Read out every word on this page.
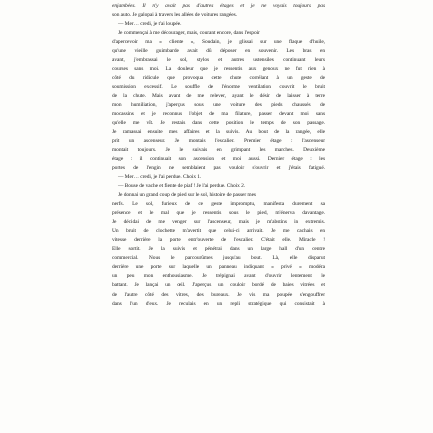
enjambées. Il n'y avait pas d'autres étages et je ne voyais toujours pas
son auto. Je galopai à travers les allées de voitures rangées.
— Mer… credi, je t'ai loupée.
Je commençai à me décourager, mais, courant encore, dans l'espoir
d'apercevoir ma « cliente », Soudain, je glissai sur une flaque d'huile,
qu'une vieille guimbarde avait dû déposer en souvenir. Les bras en
avant, j'embrassai le sol, stylos et autres ustensiles continuant leurs
courses sans moi. La douleur que je ressentis aux genoux ne fut rien à
côté du ridicule que provoqua cette chute corrélant à un geste de
soumission excessif. Le souffle de l'énorme ventilation couvrit le bruit
de la chute. Mais avant de me relever, ayant le désir de laisser à terre
mon humiliation, j'aperçus sous une voiture des pieds chaussés de
mocassins et je reconnus l'objet de ma filature, passer devant moi sans
qu'elle me vît. Je restais dans cette position le temps de son passage.
Je ramassai ensuite mes affaires et la suivis. Au bout de la rangée, elle
prit un ascenseur. Je montais l'escalier. Premier étage : l'ascenseur
montait toujours. Je le suivais en grimpant les marches. Deuxième
étage : il continuait son ascension et moi aussi. Dernier étage : les
portes de l'engin ne semblaient pas vouloir s'ouvrir et j'étais fatigué.
— Mer… credi, je l'ai perdue. Choix 1.
— Bouse de vache et fiente de piaf ! Je l'ai perdue. Choix 2.
Je donnai un grand coup de pied sur le sol, histoire de passer mes
nerfs. Le sol, furieux de ce geste impromptu, manifesta durement sa
présence et le mal que je ressentis sous le pied, m'énerva davantage.
Je décidai de me venger sur l'ascenseur, mais je m'abstins in extremis.
Un bruit de clochette m'avertit que celui-ci arrivait. Je me cachais en
vitesse derrière la porte entr'ouverte de l'escalier. C'était elle. Miracle !
Elle sortit. Je la suivis et pénétrai dans un large hall d'un centre
commercial. Nous le parcourûmes jusqu'au bout. Là, elle disparut
derrière une porte sur laquelle un panneau indiquant « privé » modéra
un peu mon enthousiasme. Je trépignai avant d'ouvrir lentement le
battant. Je lançai un œil. J'aperçus un couloir bordé de baies vitrées et
de l'autre côté des vitres, des bureaux. Je vis ma poupée s'engouffrer
dans l'un d'eux. Je reculais en un repli stratégique qui consistait à
